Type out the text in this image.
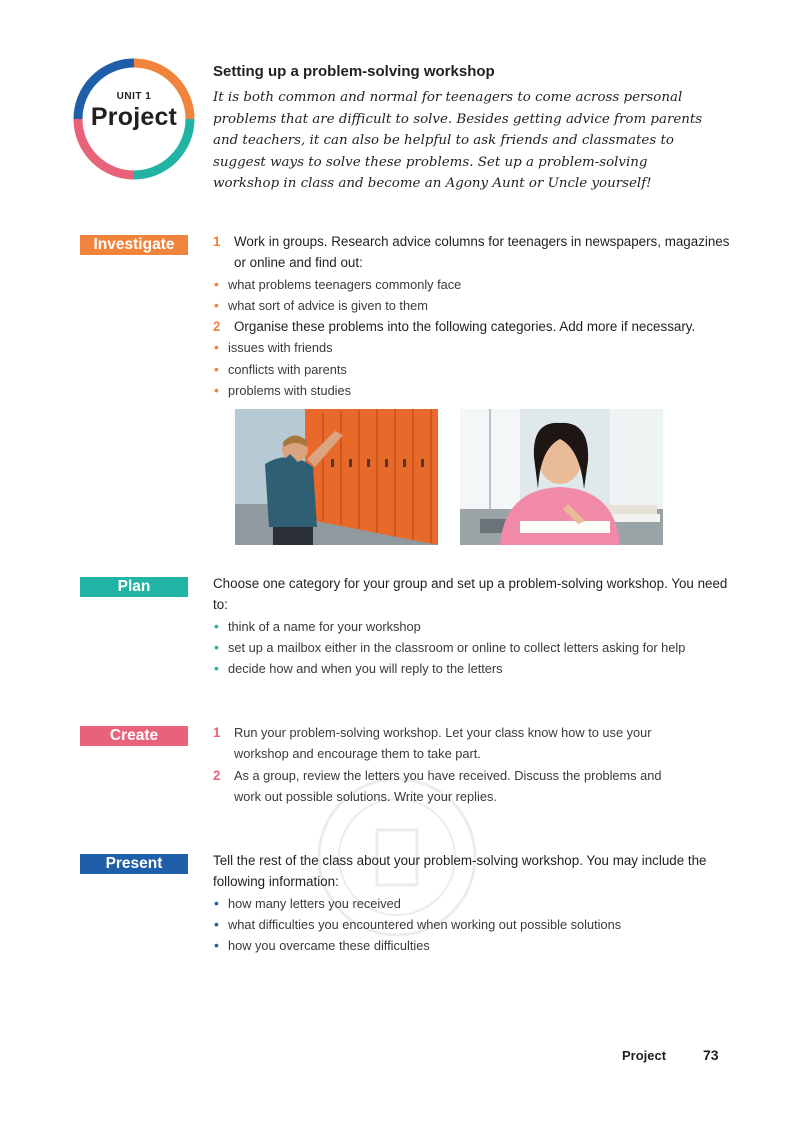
UNIT 1
Project
Setting up a problem-solving workshop
It is both common and normal for teenagers to come across personal problems that are difficult to solve. Besides getting advice from parents and teachers, it can also be helpful to ask friends and classmates to suggest ways to solve these problems. Set up a problem-solving workshop in class and become an Agony Aunt or Uncle yourself!
Investigate	1 Work in groups. Research advice columns for teenagers in newspapers, magazines or online and find out:
• what problems teenagers commonly face
• what sort of advice is given to them
2 Organise these problems into the following categories. Add more if necessary.
• issues with friends
• conflicts with parents
• problems with studies
Plan	Choose one category for your group and set up a problem-solving workshop. You need to:
• think of a name for your workshop
• set up a mailbox either in the classroom or online to collect letters asking for help
• decide how and when you will reply to the letters
Create	1 Run your problem-solving workshop. Let your class know how to use your workshop and encourage them to take part.
2 As a group, review the letters you have received. Discuss the problems and work out possible solutions. Write your replies.
Present	Tell the rest of the class about your problem-solving workshop. You may include the following information:
• how many letters you received
• what difficulties you encountered when working out possible solutions
• how you overcame these difficulties
Project	73
